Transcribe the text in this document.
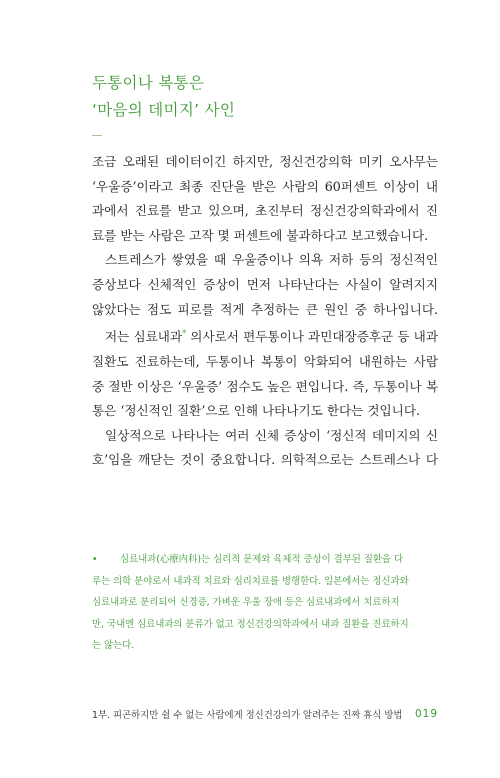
두통이나 복통은
‘마음의 데미지’ 사인
조금 오래된 데이터이긴 하지만, 정신건강의학 미키 오사무는
‘우울증’이라고 최종 진단을 받은 사람의 60퍼센트 이상이 내
과에서 진료를 받고 있으며, 초진부터 정신건강의학과에서 진
료를 받는 사람은 고작 몇 퍼센트에 불과하다고 보고했습니다.
스트레스가 쌓였을 때 우울증이나 의욕 저하 등의 정신적인
증상보다 신체적인 증상이 먼저 나타난다는 사실이 알려지지
않았다는 점도 피로를 적게 추정하는 큰 원인 중 하나입니다.
저는 심료내과* 의사로서 편두통이나 과민대장증후군 등 내과
질환도 진료하는데, 두통이나 복통이 악화되어 내원하는 사람
중 절반 이상은 ‘우울증’ 점수도 높은 편입니다. 즉, 두통이나 복
통은 ‘정신적인 질환’으로 인해 나타나기도 한다는 것입니다.
일상적으로 나타나는 여러 신체 증상이 ‘정신적 데미지의 신
호’임을 깨닫는 것이 중요합니다. 의학적으로는 스트레스나 다
• 심료내과(心療内科)는 심리적 문제와 육체적 증상이 결부된 질환을 다
루는 의학 분야로서 내과적 치료와 심리치료를 병행한다. 일본에서는 정신과와
심료내과로 분리되어 신경증, 가벼운 우울 장애 등은 심료내과에서 치료하지
만, 국내엔 심료내과의 분류가 없고 정신건강의학과에서 내과 질환을 진료하지
는 않는다.
1부. 피곤하지만 쉴 수 없는 사람에게 정신건강의가 알려주는 진짜 휴식 방법 019
